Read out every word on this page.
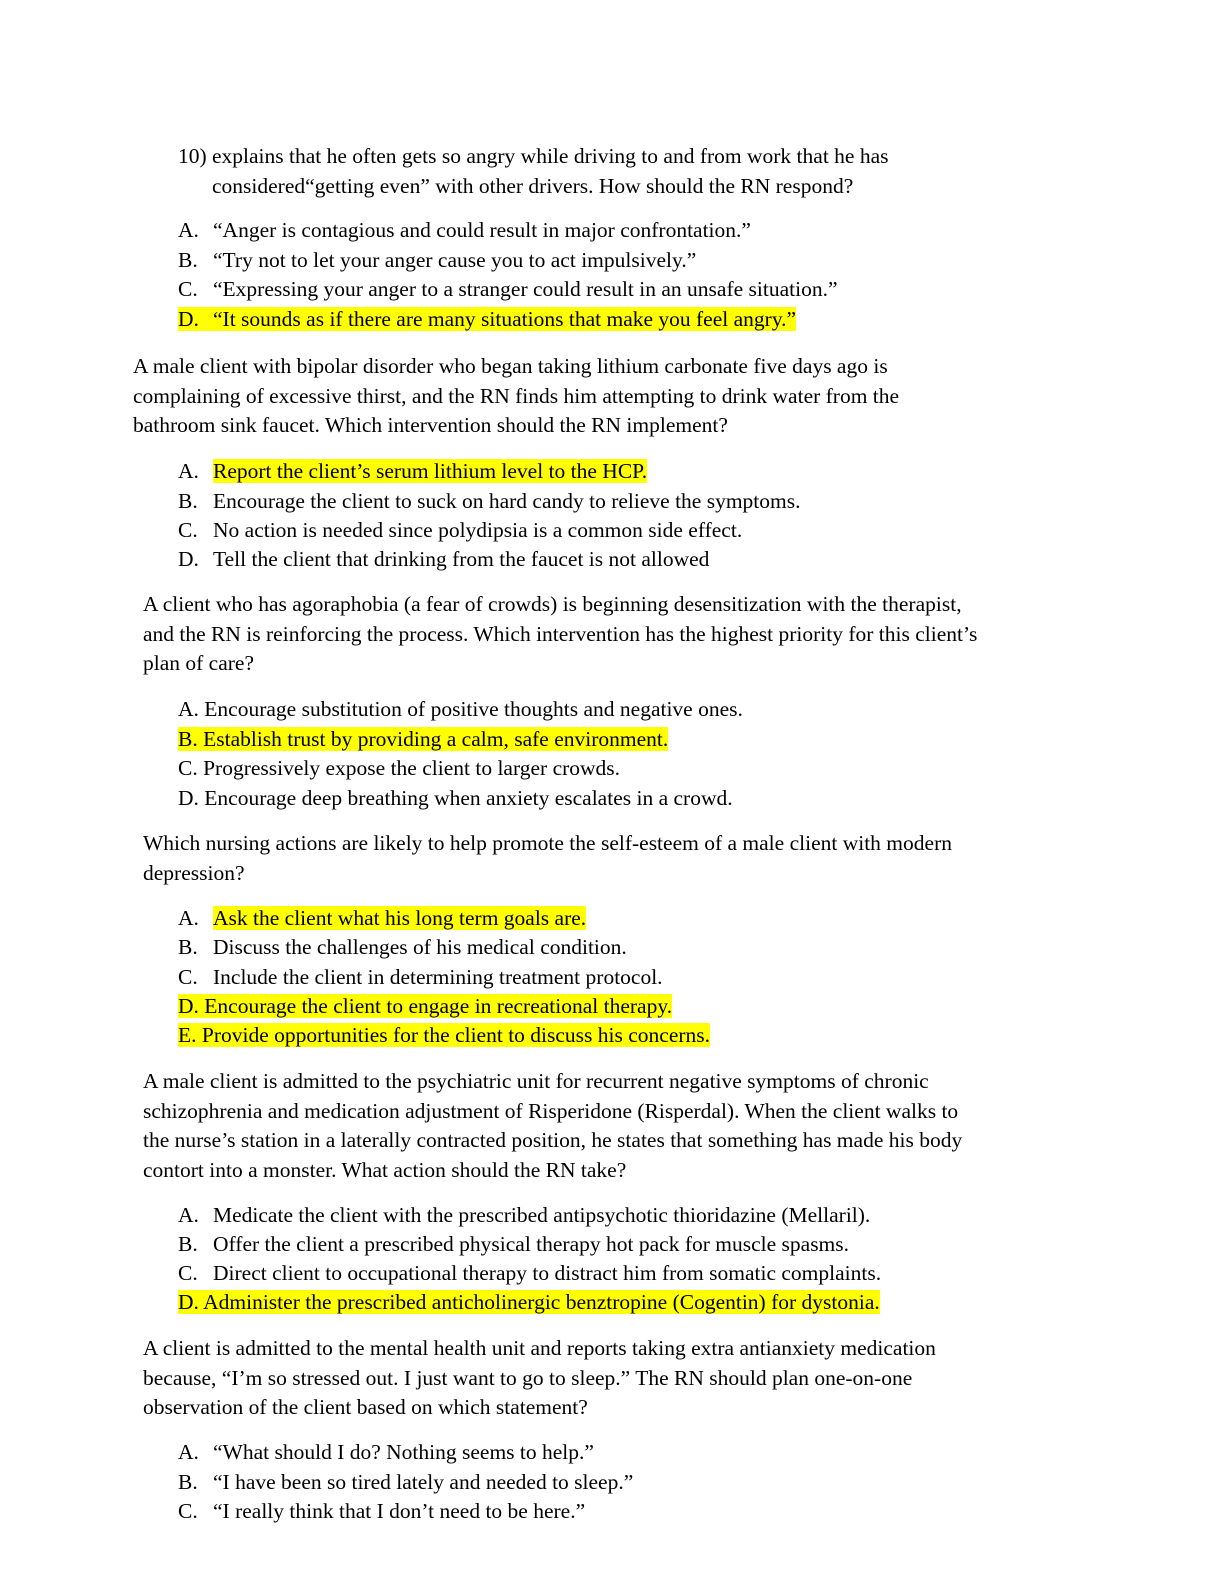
10) explains that he often gets so angry while driving to and from work that he has

considered“getting even” with other drivers. How should the RN respond?

A. “Anger is contagious and could result in major confrontation.”
B. “Try not to let your anger cause you to act impulsively.”
C. “Expressing your anger to a stranger could result in an unsafe situation.”
D. “It sounds as if there are many situations that make you feel angry.”

A male client with bipolar disorder who began taking lithium carbonate five days ago is

complaining of excessive thirst, and the RN finds him attempting to drink water from the

bathroom sink faucet. Which intervention should the RN implement?

A. Report the client’s serum lithium level to the HCP.
B. Encourage the client to suck on hard candy to relieve the symptoms.
C. No action is needed since polydipsia is a common side effect.
D. Tell the client that drinking from the faucet is not allowed

A client who has agoraphobia (a fear of crowds) is beginning desensitization with the therapist,

and the RN is reinforcing the process. Which intervention has the highest priority for this client’s

plan of care?

A. Encourage substitution of positive thoughts and negative ones.
B. Establish trust by providing a calm, safe environment.
C. Progressively expose the client to larger crowds.
D. Encourage deep breathing when anxiety escalates in a crowd.

Which nursing actions are likely to help promote the self-esteem of a male client with modern

depression?

A. Ask the client what his long term goals are.
B. Discuss the challenges of his medical condition.
C. Include the client in determining treatment protocol.
D. Encourage the client to engage in recreational therapy.
E. Provide opportunities for the client to discuss his concerns.

A male client is admitted to the psychiatric unit for recurrent negative symptoms of chronic

schizophrenia and medication adjustment of Risperidone (Risperdal). When the client walks to

the nurse’s station in a laterally contracted position, he states that something has made his body

contort into a monster. What action should the RN take?

A. Medicate the client with the prescribed antipsychotic thioridazine (Mellaril).
B. Offer the client a prescribed physical therapy hot pack for muscle spasms.
C. Direct client to occupational therapy to distract him from somatic complaints.
D. Administer the prescribed anticholinergic benztropine (Cogentin) for dystonia.

A client is admitted to the mental health unit and reports taking extra antianxiety medication

because, “I’m so stressed out. I just want to go to sleep.” The RN should plan one-on-one

observation of the client based on which statement?

A. “What should I do? Nothing seems to help.”
B. “I have been so tired lately and needed to sleep.”
C. “I really think that I don’t need to be here.”
